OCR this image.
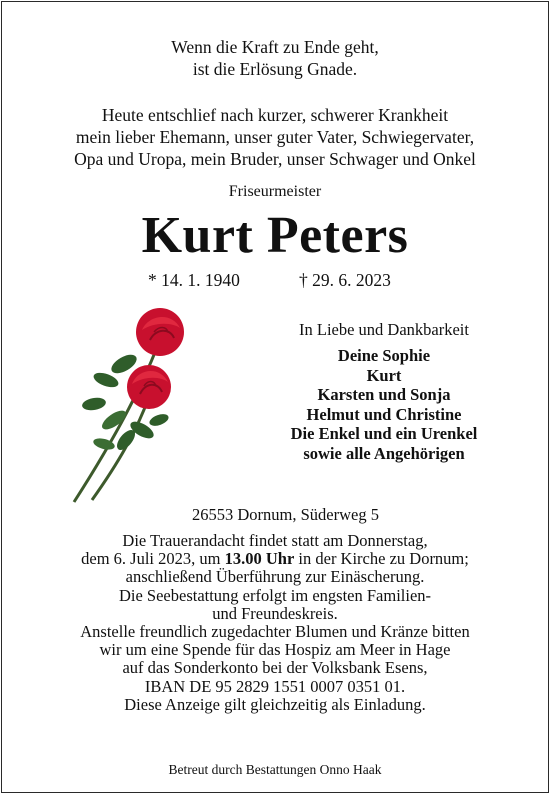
Wenn die Kraft zu Ende geht,
ist die Erlösung Gnade.
Heute entschlief nach kurzer, schwerer Krankheit
mein lieber Ehemann, unser guter Vater, Schwiegervater,
Opa und Uropa, mein Bruder, unser Schwager und Onkel
Friseurmeister
Kurt Peters
* 14. 1. 1940	† 29. 6. 2023
In Liebe und Dankbarkeit
Deine Sophie
Kurt
Karsten und Sonja
Helmut und Christine
Die Enkel und ein Urenkel
sowie alle Angehörigen
26553 Dornum, Süderweg 5
Die Trauerandacht findet statt am Donnerstag,
dem 6. Juli 2023, um 13.00 Uhr in der Kirche zu Dornum;
anschließend Überführung zur Einäscherung.
Die Seebestattung erfolgt im engsten Familien-
und Freundeskreis.
Anstelle freundlich zugedachter Blumen und Kränze bitten
wir um eine Spende für das Hospiz am Meer in Hage
auf das Sonderkonto bei der Volksbank Esens,
IBAN DE 95 2829 1551 0007 0351 01.
Diese Anzeige gilt gleichzeitig als Einladung.
Betreut durch Bestattungen Onno Haak
